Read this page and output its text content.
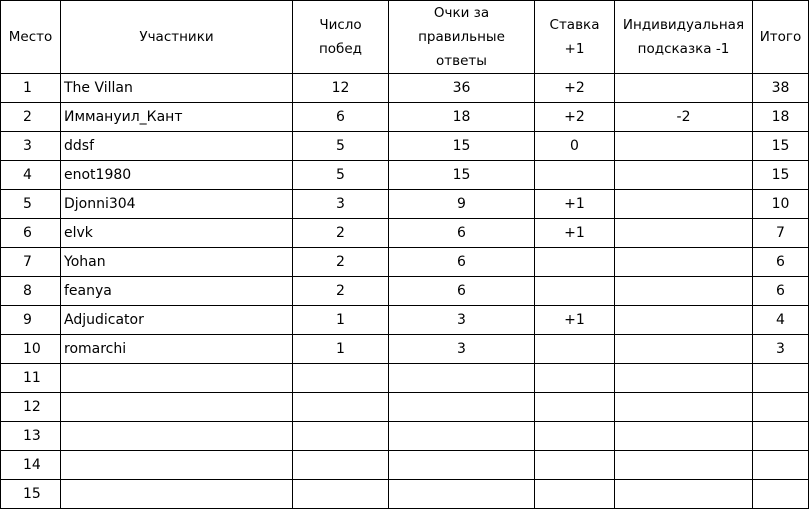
Место	Участники	Число побед	Очки за правильные ответы	Ставка +1	Индивидуальная подсказка -1	Итого
1	The Villan	12	36	+2		38
2	Иммануил_Кант	6	18	+2	-2	18
3	ddsf	5	15	0		15
4	enot1980	5	15			15
5	Djonni304	3	9	+1		10
6	elvk	2	6	+1		7
7	Yohan	2	6			6
8	feanya	2	6			6
9	Adjudicator	1	3	+1		4
10	romarchi	1	3			3
11						
12						
13						
14						
15						
